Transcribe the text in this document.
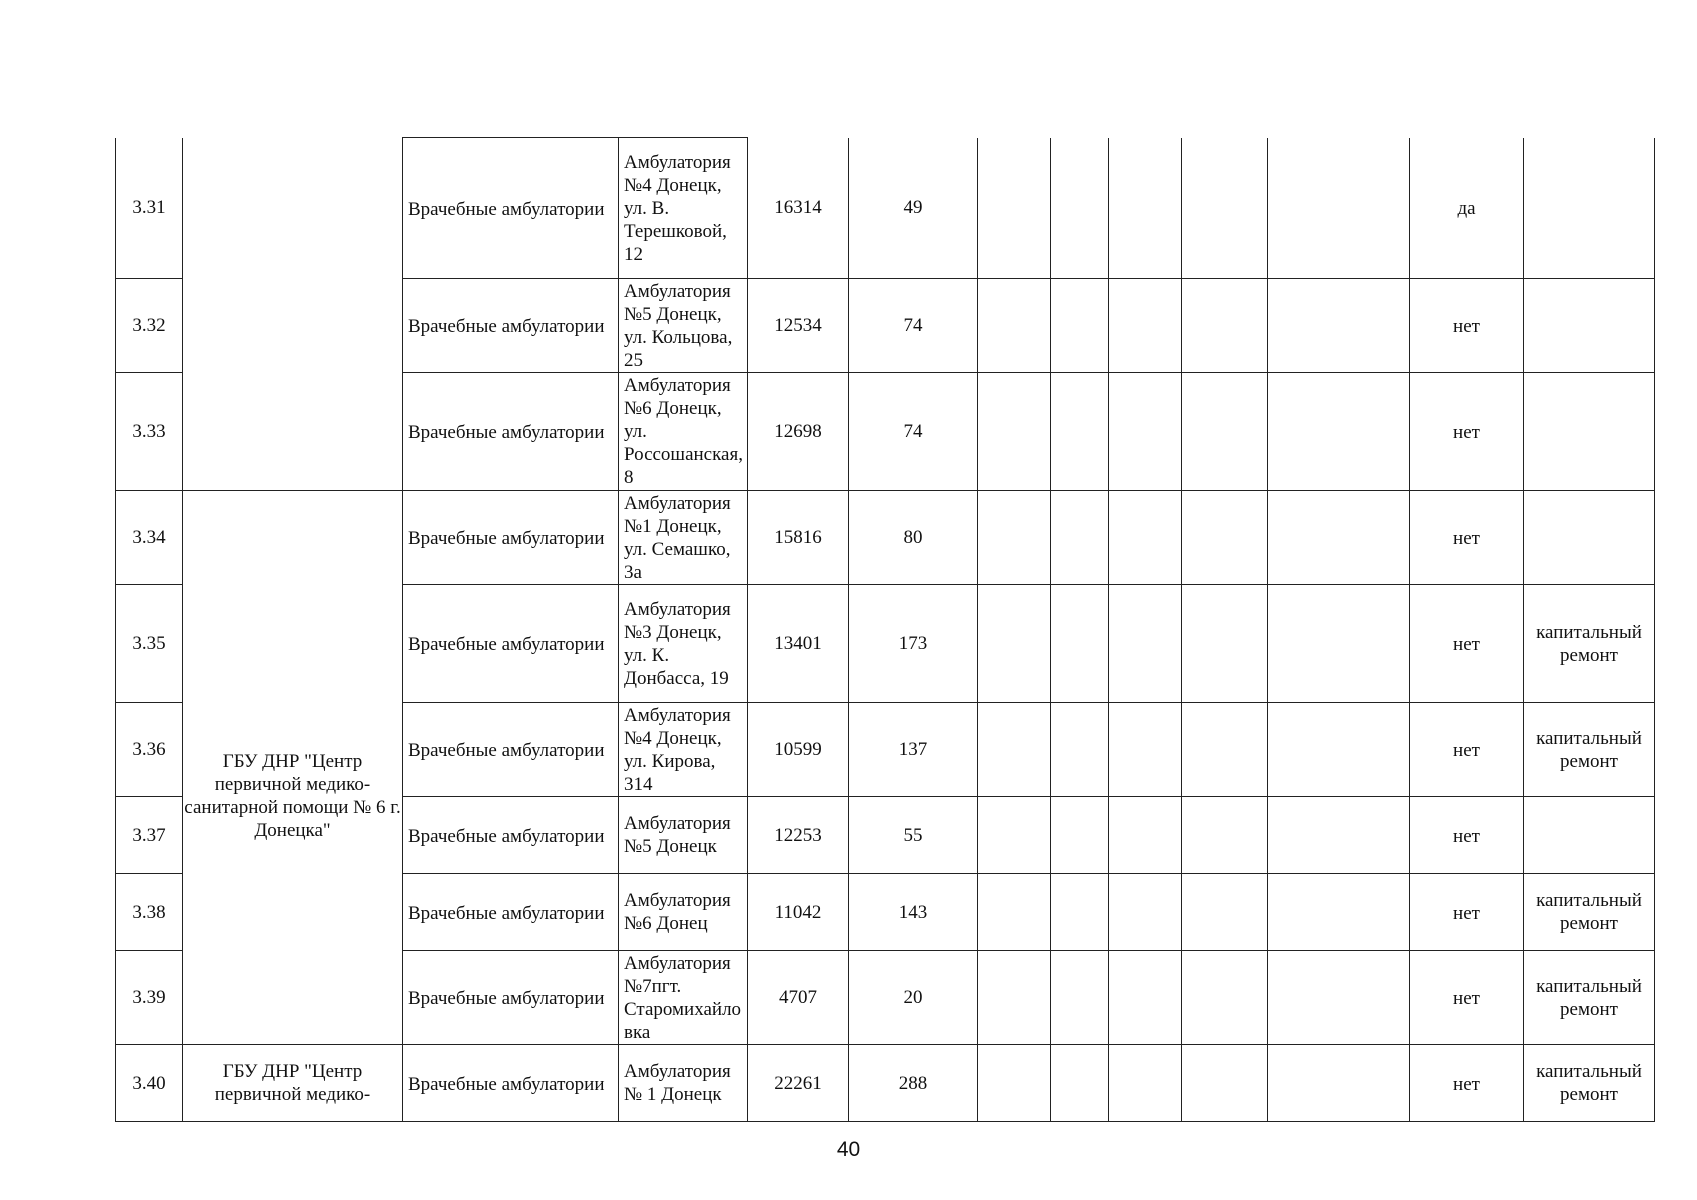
3.31		Врачебные амбулатории	Амбулатория №4 Донецк, ул. В. Терешковой, 12	16314	49						да	
3.32		Врачебные амбулатории	Амбулатория №5 Донецк, ул. Кольцова, 25	12534	74						нет	
3.33		Врачебные амбулатории	Амбулатория №6 Донецк, ул. Россошанская, 8	12698	74						нет	
3.34	ГБУ ДНР "Центр первичной медико-санитарной помощи № 6 г. Донецка"	Врачебные амбулатории	Амбулатория №1 Донецк, ул. Семашко, 3а	15816	80						нет	
3.35		Врачебные амбулатории	Амбулатория №3 Донецк, ул. К. Донбасса, 19	13401	173						нет	капитальный ремонт
3.36		Врачебные амбулатории	Амбулатория №4 Донецк, ул. Кирова, 314	10599	137						нет	капитальный ремонт
3.37		Врачебные амбулатории	Амбулатория №5 Донецк	12253	55						нет	
3.38		Врачебные амбулатории	Амбулатория №6 Донец	11042	143						нет	капитальный ремонт
3.39		Врачебные амбулатории	Амбулатория №7пгт. Старомихайловка	4707	20						нет	капитальный ремонт
3.40	ГБУ ДНР "Центр первичной медико-	Врачебные амбулатории	Амбулатория № 1 Донецк	22261	288						нет	капитальный ремонт
40
